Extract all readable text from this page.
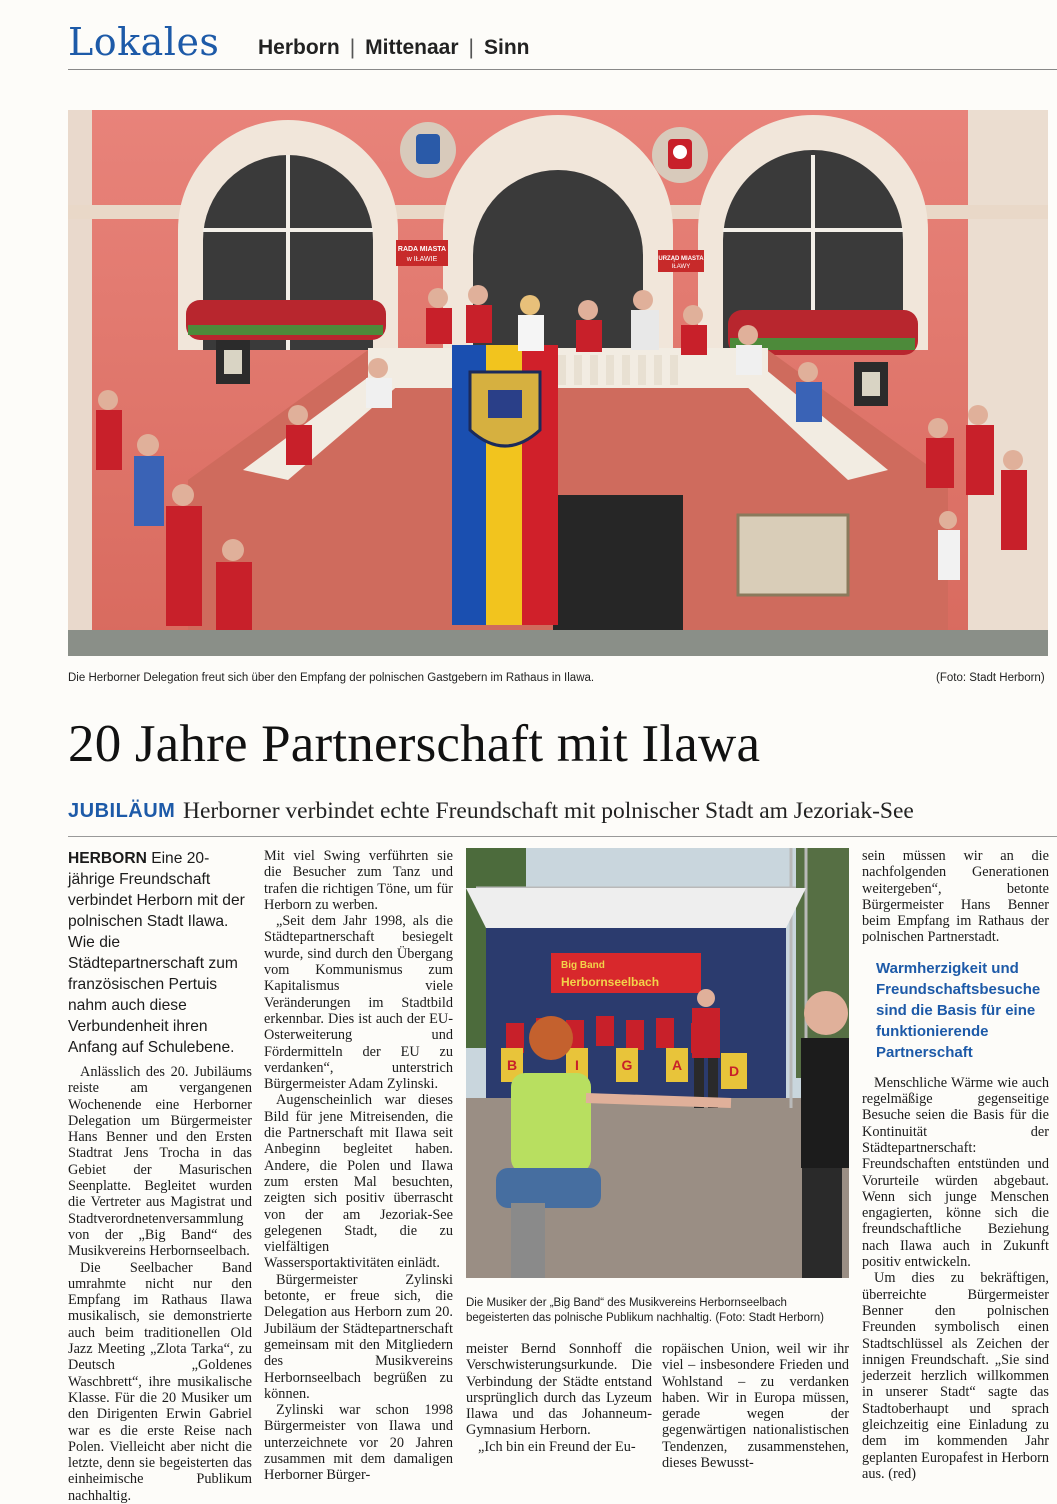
Lokales Herborn | Mittenaar | Sinn
RADA MIASTA
w IŁAWIE	URZĄD MIASTA
IŁAWY
Die Herborner Delegation freut sich über den Empfang der polnischen Gastgebern im Rathaus in Ilawa.	(Foto: Stadt Herborn)
20 Jahre Partnerschaft mit Ilawa
JUBILÄUM Herborner verbindet echte Freundschaft mit polnischer Stadt am Jezoriak-See
HERBORN Eine 20-jährige Freundschaft verbindet Herborn mit der polnischen Stadt Ilawa. Wie die Städtepartnerschaft zum französischen Pertuis nahm auch diese Verbundenheit ihren Anfang auf Schulebene.

Anlässlich des 20. Jubiläums reiste am vergangenen Wochenende eine Herborner Delegation um Bürgermeister Hans Benner und den Ersten Stadtrat Jens Trocha in das Gebiet der Masurischen Seenplatte. Begleitet wurden die Vertreter aus Magistrat und Stadtverordnetenversammlung von der „Big Band“ des Musikvereins Herbornseelbach.

Die Seelbacher Band umrahmte nicht nur den Empfang im Rathaus Ilawa musikalisch, sie demonstrierte auch beim traditionellen Old Jazz Meeting „Zlota Tarka“, zu Deutsch „Goldenes Waschbrett“, ihre musikalische Klasse. Für die 20 Musiker um den Dirigenten Erwin Gabriel war es die erste Reise nach Polen. Vielleicht aber nicht die letzte, denn sie begeisterten das einheimische Publikum nachhaltig.

Mit viel Swing verführten sie die Besucher zum Tanz und trafen die richtigen Töne, um für Herborn zu werben.

„Seit dem Jahr 1998, als die Städtepartnerschaft besiegelt wurde, sind durch den Übergang vom Kommunismus zum Kapitalismus viele Veränderungen im Stadtbild erkennbar. Dies ist auch der EU-Osterweiterung und Fördermitteln der EU zu verdanken“, unterstrich Bürgermeister Adam Zylinski.

Augenscheinlich war dieses Bild für jene Mitreisenden, die die Partnerschaft mit Ilawa seit Anbeginn begleitet haben. Andere, die Polen und Ilawa zum ersten Mal besuchten, zeigten sich positiv überrascht von der am Jezoriak-See gelegenen Stadt, die zu vielfältigen Wassersportaktivitäten einlädt.

Bürgermeister Zylinski betonte, er freue sich, die Delegation aus Herborn zum 20. Jubiläum der Städtepartnerschaft gemeinsam mit den Mitgliedern des Musikvereins Herbornseelbach begrüßen zu können.

Zylinski war schon 1998 Bürgermeister von Ilawa und unterzeichnete vor 20 Jahren zusammen mit dem damaligen Herborner Bürger-

Big Band
Herbornseelbach
B	I	G	A	D
Die Musiker der „Big Band“ des Musikvereins Herbornseelbach begeisterten das polnische Publikum nachhaltig. (Foto: Stadt Herborn)

meister Bernd Sonnhoff die Verschwisterungsurkunde. Die Verbindung der Städte entstand ursprünglich durch das Lyzeum Ilawa und das Johanneum-Gymnasium Herborn.

„Ich bin ein Freund der Eu-

ropäischen Union, weil wir ihr viel – insbesondere Frieden und Wohlstand – zu verdanken haben. Wir in Europa müssen, gerade wegen der gegenwärtigen nationalistischen Tendenzen, zusammenstehen, dieses Bewusst-

sein müssen wir an die nachfolgenden Generationen weitergeben“, betonte Bürgermeister Hans Benner beim Empfang im Rathaus der polnischen Partnerstadt.

Warmherzigkeit und Freundschaftsbesuche sind die Basis für eine funktionierende Partnerschaft

Menschliche Wärme wie auch regelmäßige gegenseitige Besuche seien die Basis für die Kontinuität der Städtepartnerschaft: Freundschaften entstünden und Vorurteile würden abgebaut. Wenn sich junge Menschen engagierten, könne sich die freundschaftliche Beziehung nach Ilawa auch in Zukunft positiv entwickeln.

Um dies zu bekräftigen, überreichte Bürgermeister Benner den polnischen Freunden symbolisch einen Stadtschlüssel als Zeichen der innigen Freundschaft. „Sie sind jederzeit herzlich willkommen in unserer Stadt“ sagte das Stadtoberhaupt und sprach gleichzeitig eine Einladung zu dem im kommenden Jahr geplanten Europafest in Herborn aus. (red)
